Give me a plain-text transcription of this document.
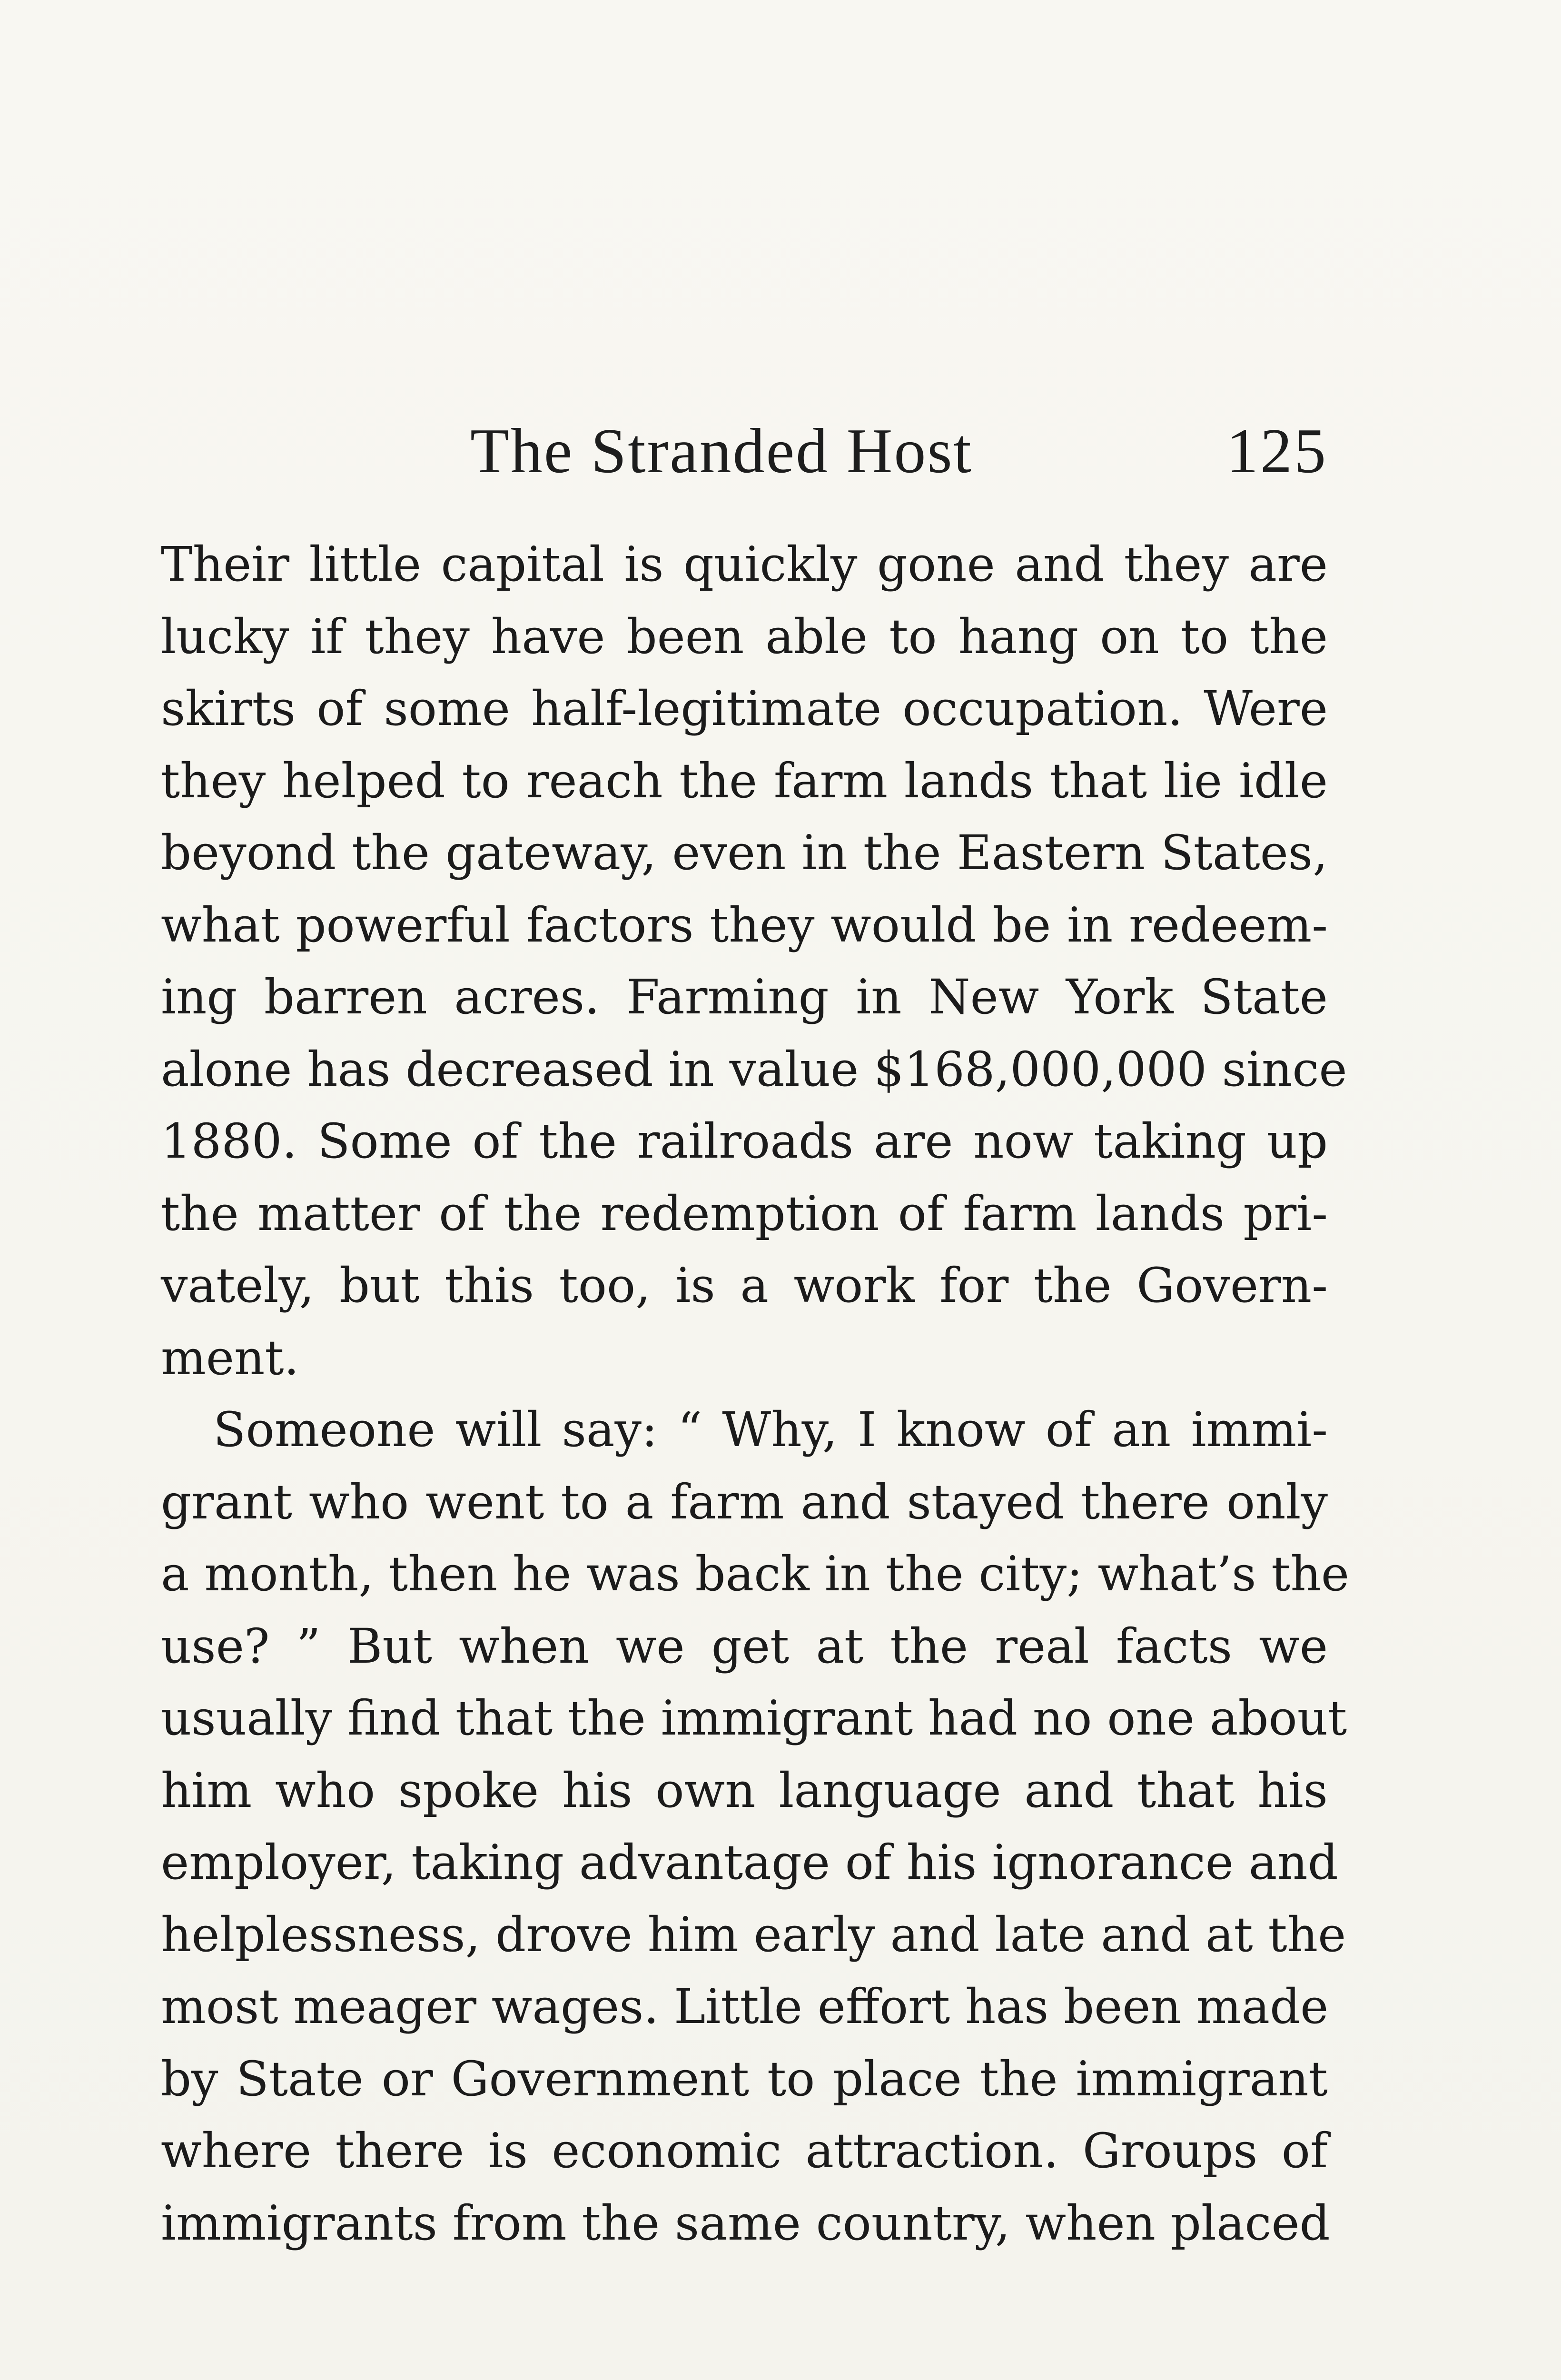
The Stranded Host	125
Their little capital is quickly gone and they are
lucky if they have been able to hang on to the
skirts of some half-legitimate occupation. Were
they helped to reach the farm lands that lie idle
beyond the gateway, even in the Eastern States,
what powerful factors they would be in redeem-
ing barren acres. Farming in New York State
alone has decreased in value $168,000,000 since
1880. Some of the railroads are now taking up
the matter of the redemption of farm lands pri-
vately, but this too, is a work for the Govern-
ment.
Someone will say: “ Why, I know of an immi-
grant who went to a farm and stayed there only
a month, then he was back in the city; what’s the
use? ” But when we get at the real facts we
usually find that the immigrant had no one about
him who spoke his own language and that his
employer, taking advantage of his ignorance and
helplessness, drove him early and late and at the
most meager wages. Little effort has been made
by State or Government to place the immigrant
where there is economic attraction. Groups of
immigrants from the same country, when placed
